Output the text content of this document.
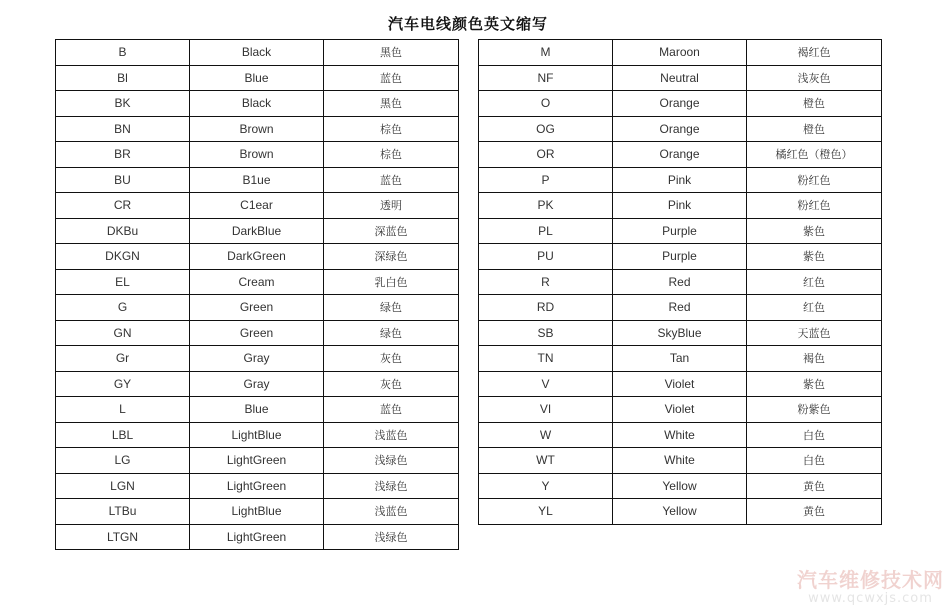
汽车电线颜色英文缩写
B	Black	黑色
Bl	Blue	蓝色
BK	Black	黑色
BN	Brown	棕色
BR	Brown	棕色
BU	B1ue	蓝色
CR	C1ear	透明
DKBu	DarkBlue	深蓝色
DKGN	DarkGreen	深绿色
EL	Cream	乳白色
G	Green	绿色
GN	Green	绿色
Gr	Gray	灰色
GY	Gray	灰色
L	Blue	蓝色
LBL	LightBlue	浅蓝色
LG	LightGreen	浅绿色
LGN	LightGreen	浅绿色
LTBu	LightBlue	浅蓝色
LTGN	LightGreen	浅绿色
M	Maroon	褐红色
NF	Neutral	浅灰色
O	Orange	橙色
OG	Orange	橙色
OR	Orange	橘红色（橙色）
P	Pink	粉红色
PK	Pink	粉红色
PL	Purple	紫色
PU	Purple	紫色
R	Red	红色
RD	Red	红色
SB	SkyBlue	天蓝色
TN	Tan	褐色
V	Violet	紫色
VI	Violet	粉紫色
W	White	白色
WT	White	白色
Y	Yellow	黄色
YL	Yellow	黄色
汽车维修技术网
www.qcwxjs.com
